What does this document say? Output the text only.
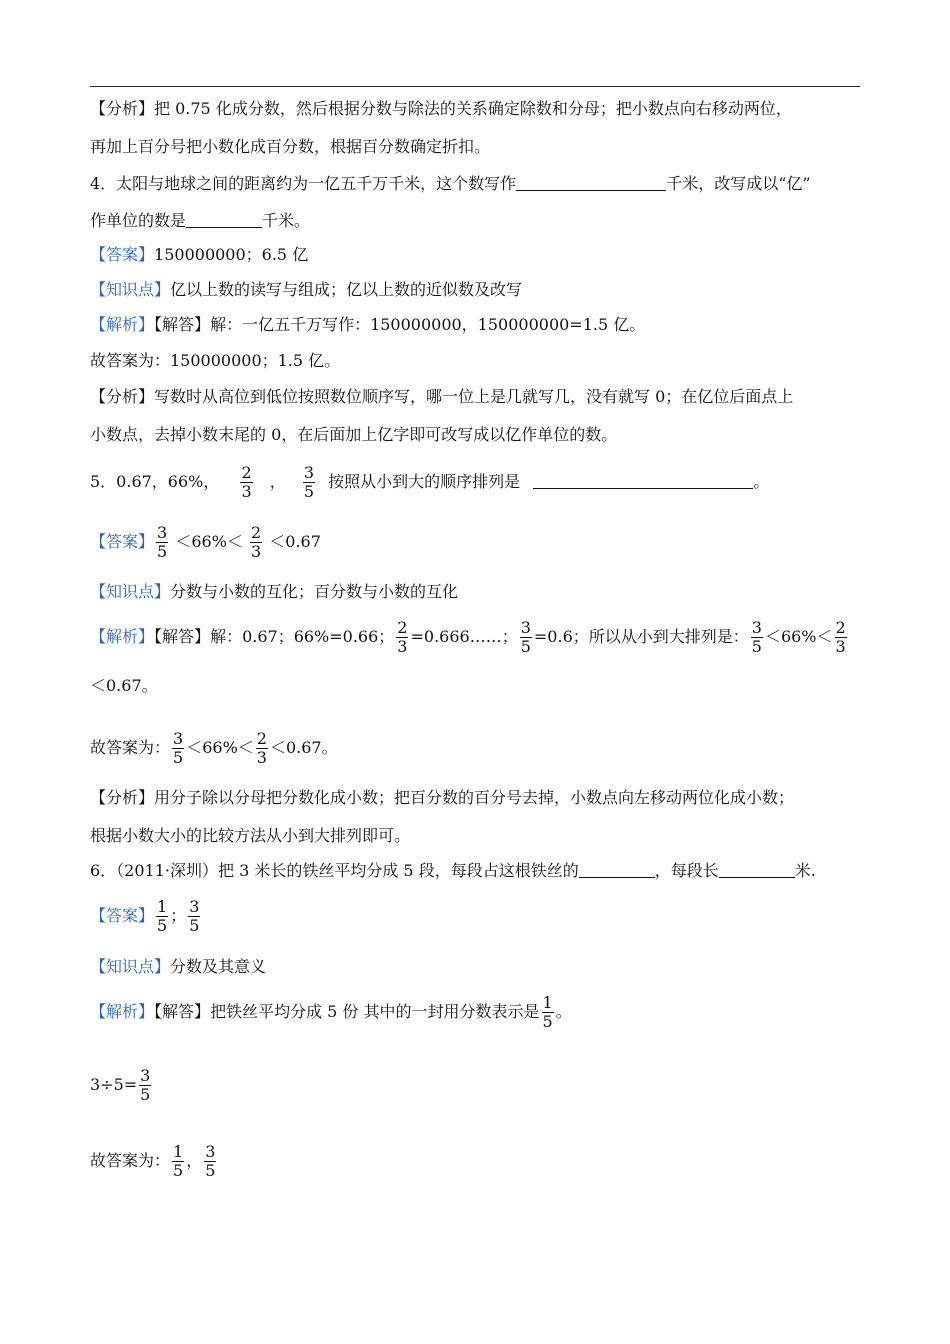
【分析】把 0.75 化成分数，然后根据分数与除法的关系确定除数和分母；把小数点向右移动两位，
再加上百分号把小数化成百分数，根据百分数确定折扣。
4．太阳与地球之间的距离约为一亿五千万千米，这个数写作	千米，改写成以“亿”
作单位的数是	千米。
【答案】150000000；6.5 亿
【知识点】亿以上数的读写与组成；亿以上数的近似数及改写
【解析】【解答】解：一亿五千万写作：150000000，150000000=1.5 亿。
故答案为：150000000；1.5 亿。
【分析】写数时从高位到低位按照数位顺序写，哪一位上是几就写几，没有就写 0；在亿位后面点上
小数点，去掉小数末尾的 0，在后面加上亿字即可改写成以亿作单位的数。
5．0.67，66%， $\frac{2}{3}$ ， $\frac{3}{5}$ 按照从小到大的顺序排列是	。
【答案】 $\frac{3}{5} <66\%< \frac{2}{3} <0.67$
【知识点】分数与小数的互化；百分数与小数的互化
【解析】【解答】解：0.67；66%=0.66； $\frac{2}{3}$ =0.666……； $\frac{3}{5} =0.6$；所以从小到大排列是： $\frac{3}{5} <66\%< \frac{2}{3}$
＜0.67。
故答案为： $\frac{3}{5} <66\%< \frac{2}{3} <0.67$。
【分析】用分子除以分母把分数化成小数；把百分数的百分号去掉，小数点向左移动两位化成小数；
根据小数大小的比较方法从小到大排列即可。
6．（2011·深圳）把 3 米长的铁丝平均分成 5 段，每段占这根铁丝的	，每段长	米.
【答案】 $\frac{1}{5}$ ； $\frac{3}{5}$
【知识点】分数及其意义
【解析】【解答】把铁丝平均分成 5 份 其中的一封用分数表示是 $\frac{1}{5}$ 。
$3\div 5= \frac{3}{5}$
故答案为： $\frac{1}{5}$ ， $\frac{3}{5}$
